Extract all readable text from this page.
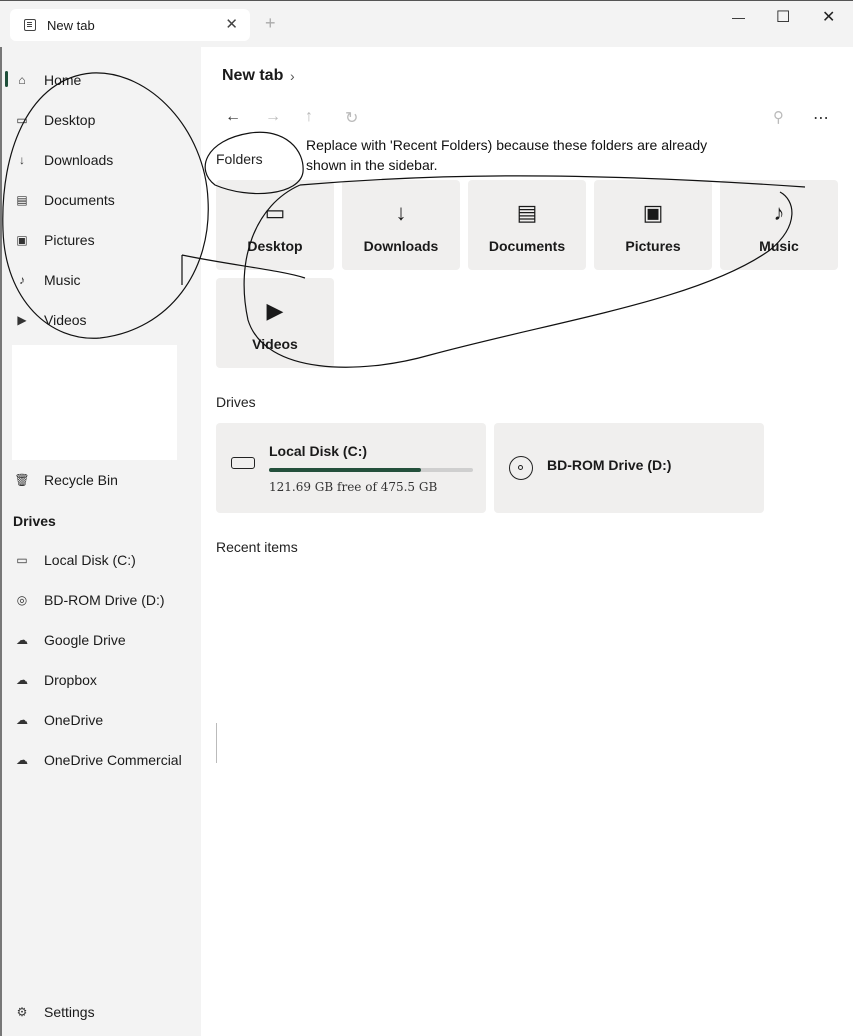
New tab	✕ +	— ☐ ✕
⌂	Home
▭ Desktop
↓	Downloads
▤ Documents
▣ Pictures
♪	Music
▶ Videos
🗑 Recycle Bin
Drives
▭ Local Disk (C:)
◎ BD-ROM Drive (D:)
☁ Google Drive
☁ Dropbox
☁ OneDrive
☁ OneDrive Commercial
⚙ Settings
New tab ›
← → ↑ ↻	⚲ ⋯
Folders
Replace with 'Recent Folders) because these folders are already shown in the sidebar.
▭
Desktop
↓
Downloads
▤
Documents
▣
Pictures
♪
Music
▶
Videos
Drives
Local Disk (C:)
121.69 GB free of 475.5 GB
BD-ROM Drive (D:)
Recent items
